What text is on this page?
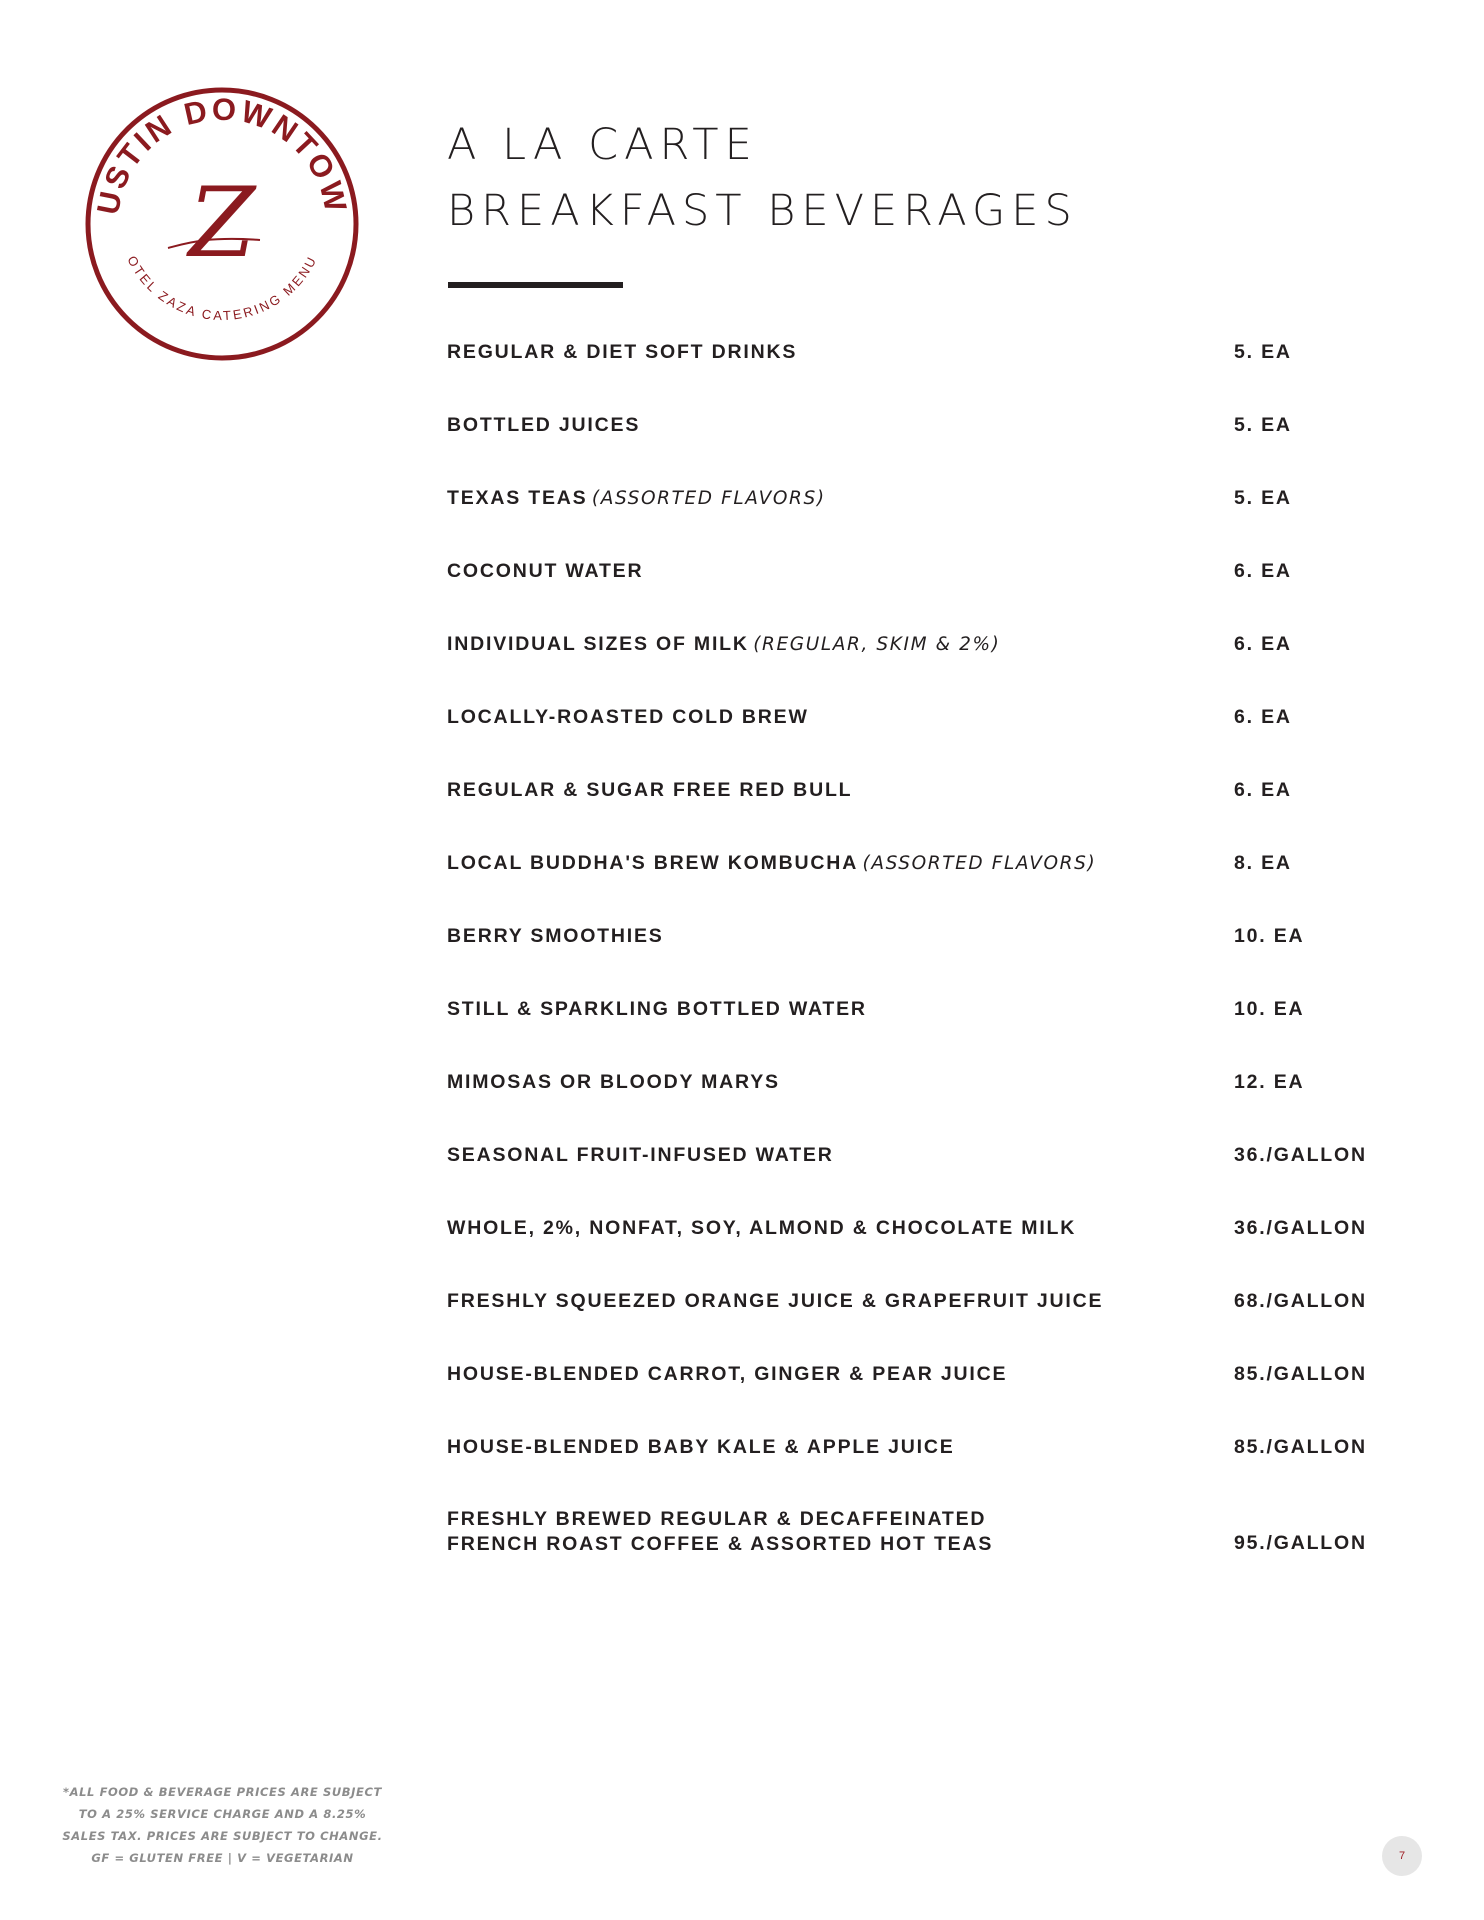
USTIN DOWNTOW
OTEL ZAZA CATERING MENU
Z
A LA CARTE
BREAKFAST BEVERAGES
REGULAR & DIET SOFT DRINKS	5. EA
BOTTLED JUICES	5. EA
TEXAS TEAS (ASSORTED FLAVORS)	5. EA
COCONUT WATER	6. EA
INDIVIDUAL SIZES OF MILK (REGULAR, SKIM & 2%)	6. EA
LOCALLY-ROASTED COLD BREW	6. EA
REGULAR & SUGAR FREE RED BULL	6. EA
LOCAL BUDDHA'S BREW KOMBUCHA (ASSORTED FLAVORS)	8. EA
BERRY SMOOTHIES	10. EA
STILL & SPARKLING BOTTLED WATER	10. EA
MIMOSAS OR BLOODY MARYS	12. EA
SEASONAL FRUIT-INFUSED WATER	36./GALLON
WHOLE, 2%, NONFAT, SOY, ALMOND & CHOCOLATE MILK	36./GALLON
FRESHLY SQUEEZED ORANGE JUICE & GRAPEFRUIT JUICE	68./GALLON
HOUSE-BLENDED CARROT, GINGER & PEAR JUICE	85./GALLON
HOUSE-BLENDED BABY KALE & APPLE JUICE	85./GALLON
FRESHLY BREWED REGULAR & DECAFFEINATED
FRENCH ROAST COFFEE & ASSORTED HOT TEAS	95./GALLON
*ALL FOOD & BEVERAGE PRICES ARE SUBJECT
TO A 25% SERVICE CHARGE AND A 8.25%
SALES TAX. PRICES ARE SUBJECT TO CHANGE.
GF = GLUTEN FREE | V = VEGETARIAN	7
